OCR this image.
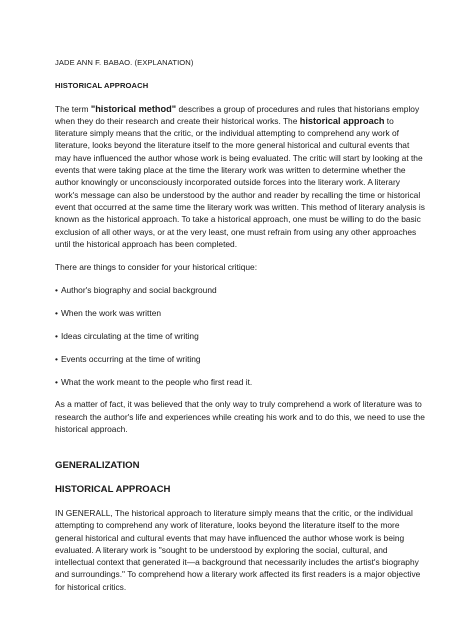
JADE ANN F. BABAO. (EXPLANATION)

HISTORICAL APPROACH

The term "historical method" describes a group of procedures and rules that historians employ when they do their research and create their historical works. The historical approach to literature simply means that the critic, or the individual attempting to comprehend any work of literature, looks beyond the literature itself to the more general historical and cultural events that may have influenced the author whose work is being evaluated. The critic will start by looking at the events that were taking place at the time the literary work was written to determine whether the author knowingly or unconsciously incorporated outside forces into the literary work. A literary work's message can also be understood by the author and reader by recalling the time or historical event that occurred at the same time the literary work was written. This method of literary analysis is known as the historical approach. To take a historical approach, one must be willing to do the basic exclusion of all other ways, or at the very least, one must refrain from using any other approaches until the historical approach has been completed.

There are things to consider for your historical critique:

• Author's biography and social background

• When the work was written

• Ideas circulating at the time of writing

• Events occurring at the time of writing

• What the work meant to the people who first read it.

As a matter of fact, it was believed that the only way to truly comprehend a work of literature was to research the author's life and experiences while creating his work and to do this, we need to use the historical approach.

GENERALIZATION

HISTORICAL APPROACH

IN GENERALL, The historical approach to literature simply means that the critic, or the individual attempting to comprehend any work of literature, looks beyond the literature itself to the more general historical and cultural events that may have influenced the author whose work is being evaluated. A literary work is "sought to be understood by exploring the social, cultural, and intellectual context that generated it—a background that necessarily includes the artist's biography and surroundings." To comprehend how a literary work affected its first readers is a major objective for historical critics.
